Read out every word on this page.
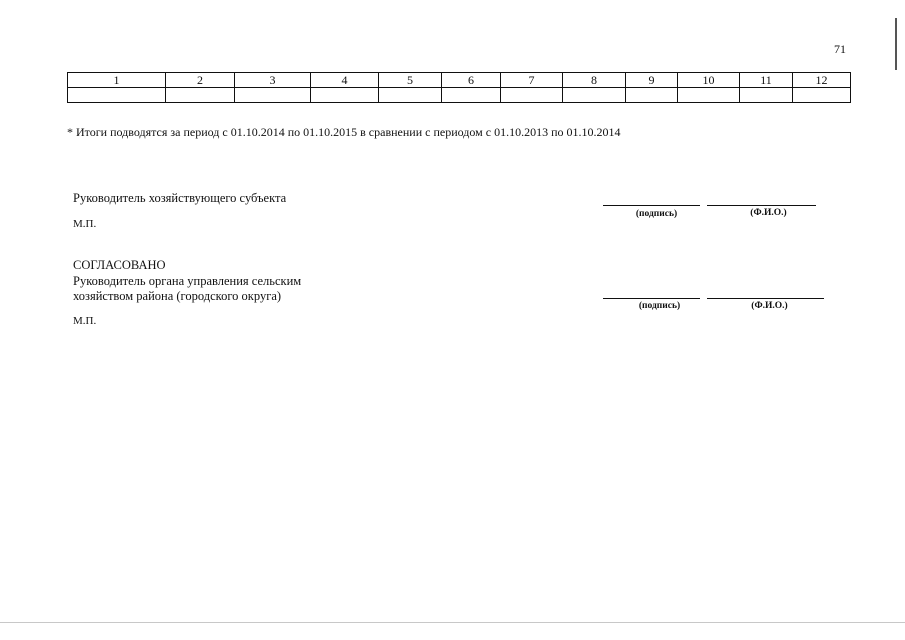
71
1	2	3	4	5	6	7	8	9	10	11	12

* Итоги подводятся за период с 01.10.2014 по 01.10.2015 в сравнении с периодом с 01.10.2013 по 01.10.2014
Руководитель хозяйствующего субъекта
М.П.
(подпись)	(Ф.И.О.)
СОГЛАСОВАНО
Руководитель органа управления сельским
хозяйством района (городского округа)
М.П.
(подпись)	(Ф.И.О.)
